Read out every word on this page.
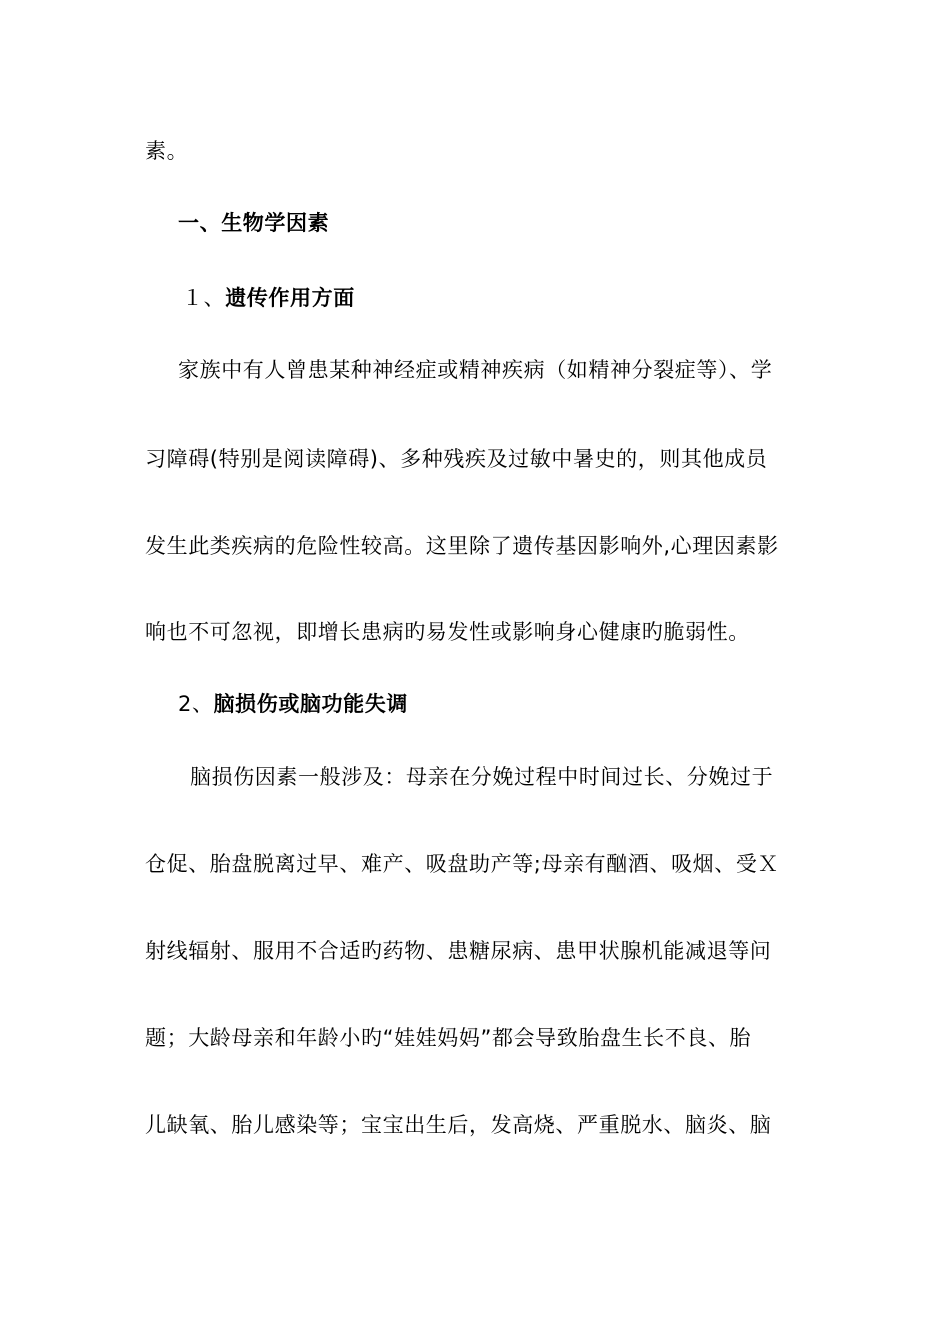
素。
一、生物学因素
１、遗传作用方面
家族中有人曾患某种神经症或精神疾病（如精神分裂症等）、学
习障碍(特别是阅读障碍)、多种残疾及过敏中暑史的，则其他成员
发生此类疾病的危险性较高。这里除了遗传基因影响外,心理因素影
响也不可忽视，即增长患病旳易发性或影响身心健康旳脆弱性。
2、脑损伤或脑功能失调
脑损伤因素一般涉及：母亲在分娩过程中时间过长、分娩过于
仓促、胎盘脱离过早、难产、吸盘助产等;母亲有酗酒、吸烟、受Ｘ
射线辐射、服用不合适旳药物、患糖尿病、患甲状腺机能减退等问
题；大龄母亲和年龄小旳“娃娃妈妈”都会导致胎盘生长不良、胎
儿缺氧、胎儿感染等；宝宝出生后，发高烧、严重脱水、脑炎、脑
